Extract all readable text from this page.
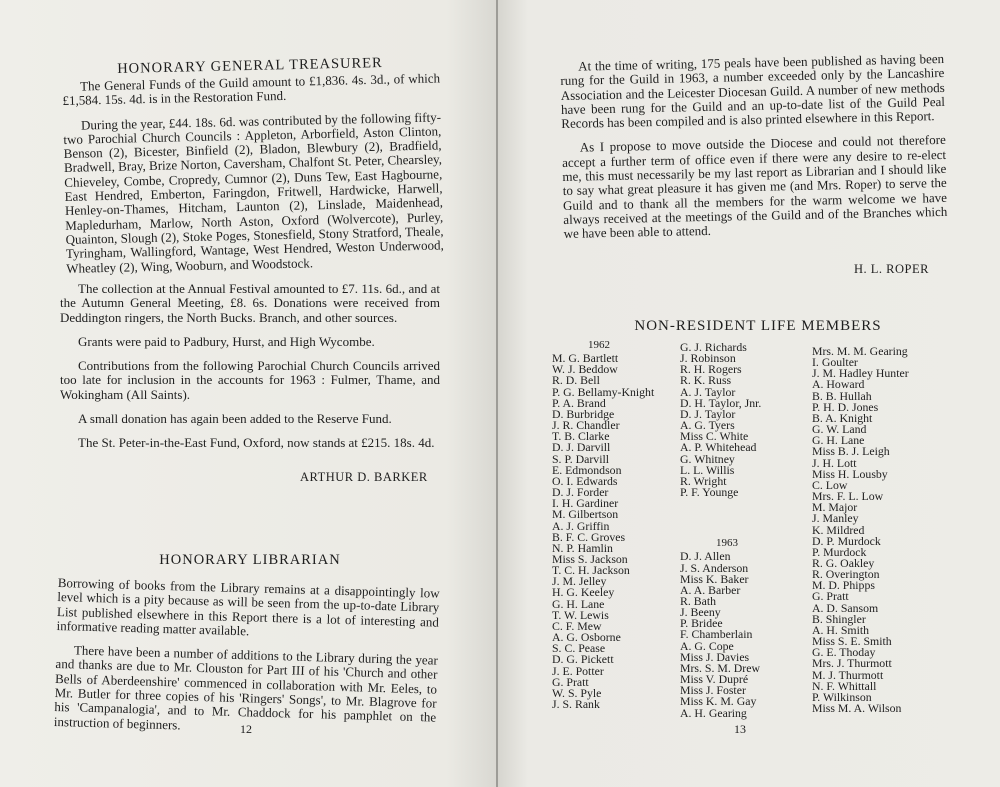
HONORARY GENERAL TREASURER

The General Funds of the Guild amount to £1,836. 4s. 3d., of which £1,584. 15s. 4d. is in the Restoration Fund.

During the year, £44. 18s. 6d. was contributed by the following fifty-two Parochial Church Councils : Appleton, Arborfield, Aston Clinton, Benson (2), Bicester, Binfield (2), Bladon, Blewbury (2), Bradfield, Bradwell, Bray, Brize Norton, Caversham, Chalfont St. Peter, Chearsley, Chieveley, Combe, Cropredy, Cumnor (2), Duns Tew, East Hagbourne, East Hendred, Emberton, Faringdon, Fritwell, Hardwicke, Harwell, Henley-on-Thames, Hitcham, Launton (2), Linslade, Maidenhead, Mapledurham, Marlow, North Aston, Oxford (Wolvercote), Purley, Quainton, Slough (2), Stoke Poges, Stonesfield, Stony Stratford, Theale, Tyringham, Wallingford, Wantage, West Hendred, Weston Underwood, Wheatley (2), Wing, Wooburn, and Woodstock.

The collection at the Annual Festival amounted to £7. 11s. 6d., and at the Autumn General Meeting, £8. 6s. Donations were received from Deddington ringers, the North Bucks. Branch, and other sources.

Grants were paid to Padbury, Hurst, and High Wycombe.

Contributions from the following Parochial Church Councils arrived too late for inclusion in the accounts for 1963 : Fulmer, Thame, and Wokingham (All Saints).

A small donation has again been added to the Reserve Fund.

The St. Peter-in-the-East Fund, Oxford, now stands at £215. 18s. 4d.

ARTHUR D. BARKER
HONORARY LIBRARIAN

Borrowing of books from the Library remains at a disappointingly low level which is a pity because as will be seen from the up-to-date Library List published elsewhere in this Report there is a lot of interesting and informative reading matter available.

There have been a number of additions to the Library during the year and thanks are due to Mr. Clouston for Part III of his 'Church and other Bells of Aberdeenshire' commenced in collaboration with Mr. Eeles, to Mr. Butler for three copies of his 'Ringers' Songs', to Mr. Blagrove for his 'Campanalogia', and to Mr. Chaddock for his pamphlet on the instruction of beginners.	12

At the time of writing, 175 peals have been published as having been rung for the Guild in 1963, a number exceeded only by the Lancashire Association and the Leicester Diocesan Guild. A number of new methods have been rung for the Guild and an up-to-date list of the Guild Peal Records has been compiled and is also printed elsewhere in this Report.

As I propose to move outside the Diocese and could not therefore accept a further term of office even if there were any desire to re-elect me, this must necessarily be my last report as Librarian and I should like to say what great pleasure it has given me (and Mrs. Roper) to serve the Guild and to thank all the members for the warm welcome we have always received at the meetings of the Guild and of the Branches which we have been able to attend.

H. L. ROPER
NON-RESIDENT LIFE MEMBERS
1962
M. G. Bartlett
W. J. Beddow
R. D. Bell
P. G. Bellamy-Knight
P. A. Brand
D. Burbridge
J. R. Chandler
T. B. Clarke
D. J. Darvill
S. P. Darvill
E. Edmondson
O. I. Edwards
D. J. Forder
I. H. Gardiner
M. Gilbertson
A. J. Griffin
B. F. C. Groves
N. P. Hamlin
Miss S. Jackson
T. C. H. Jackson
J. M. Jelley
H. G. Keeley
G. H. Lane
T. W. Lewis
C. F. Mew
A. G. Osborne
S. C. Pease
D. G. Pickett
J. E. Potter
G. Pratt
W. S. Pyle
J. S. Rank
G. J. Richards
J. Robinson
R. H. Rogers
R. K. Russ
A. J. Taylor
D. H. Taylor, Jnr.
D. J. Taylor
A. G. Tyers
Miss C. White
A. P. Whitehead
G. Whitney
L. L. Willis
R. Wright
P. F. Younge
1963
D. J. Allen
J. S. Anderson
Miss K. Baker
A. A. Barber
R. Bath
J. Beeny
P. Bridee
F. Chamberlain
A. G. Cope
Miss J. Davies
Mrs. S. M. Drew
Miss V. Dupré
Miss J. Foster
Miss K. M. Gay
A. H. Gearing
Mrs. M. M. Gearing
I. Goulter
J. M. Hadley Hunter
A. Howard
B. B. Hullah
P. H. D. Jones
B. A. Knight
G. W. Land
G. H. Lane
Miss B. J. Leigh
J. H. Lott
Miss H. Lousby
C. Low
Mrs. F. L. Low
M. Major
J. Manley
K. Mildred
D. P. Murdock
P. Murdock
R. G. Oakley
R. Overington
M. D. Phipps
G. Pratt
A. D. Sansom
B. Shingler
A. H. Smith
Miss S. E. Smith
G. E. Thoday
Mrs. J. Thurmott
M. J. Thurmott
N. F. Whittall
P. Wilkinson
Miss M. A. Wilson
13
